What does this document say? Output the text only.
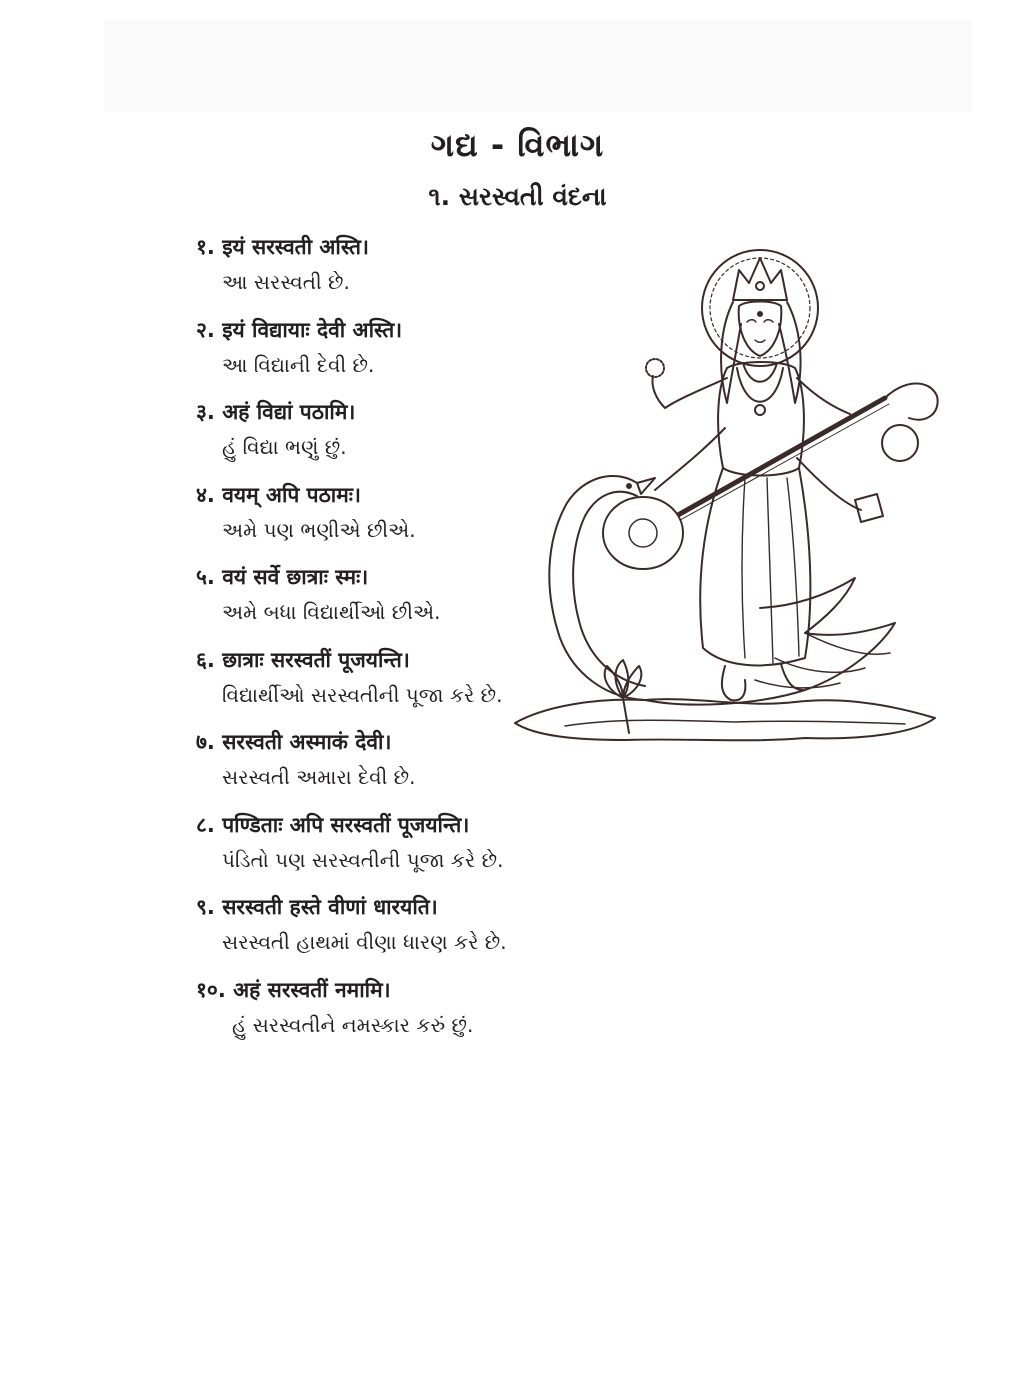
ગદ્ય - વિભાગ
૧. સરસ્વતી વંદના
१. इयं सरस्वती अस्ति।
આ સરસ્વતી છે.
२. इयं विद्यायाः देवी अस्ति।
આ વિદ્યાની દેવી છે.
३. अहं विद्यां पठामि।
હું વિદ્યા ભણું છું.
४. वयम् अपि पठामः।
અમે પણ ભણીએ છીએ.
५. वयं सर्वे छात्राः स्मः।
અમે બધા વિદ્યાર્થીઓ છીએ.
६. छात्राः सरस्वतीं पूजयन्ति।
વિદ્યાર્થીઓ સરસ્વતીની પૂજા કરે છે.
७. सरस्वती अस्माकं देवी।
સરસ્વતી અમારા દેવી છે.
८. पण्डिताः अपि सरस्वतीं पूजयन्ति।
પંડિતો પણ સરસ્વતીની પૂજા કરે છે.
९. सरस्वती हस्ते वीणां धारयति।
સરસ્વતી હાથમાં વીણા ધારણ કરે છે.
१०. अहं सरस्वतीं नमामि।
હું સરસ્વતીને નમસ્કાર કરું છું.
